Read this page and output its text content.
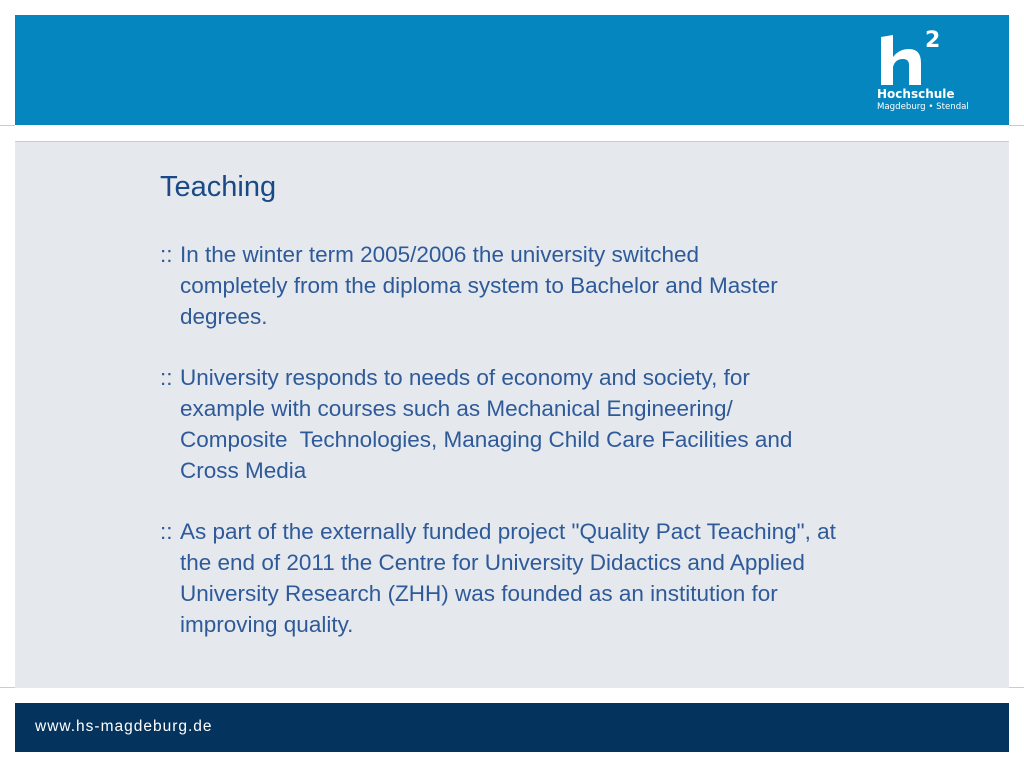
2
Hochschule
Magdeburg • Stendal
Teaching
:: In the winter term 2005/2006 the university switched
completely from the diploma system to Bachelor and Master
degrees.
:: University responds to needs of economy and society, for
example with courses such as Mechanical Engineering/
Composite  Technologies, Managing Child Care Facilities and
Cross Media
:: As part of the externally funded project "Quality Pact Teaching", at
the end of 2011 the Centre for University Didactics and Applied
University Research (ZHH) was founded as an institution for
improving quality.
www.hs-magdeburg.de
